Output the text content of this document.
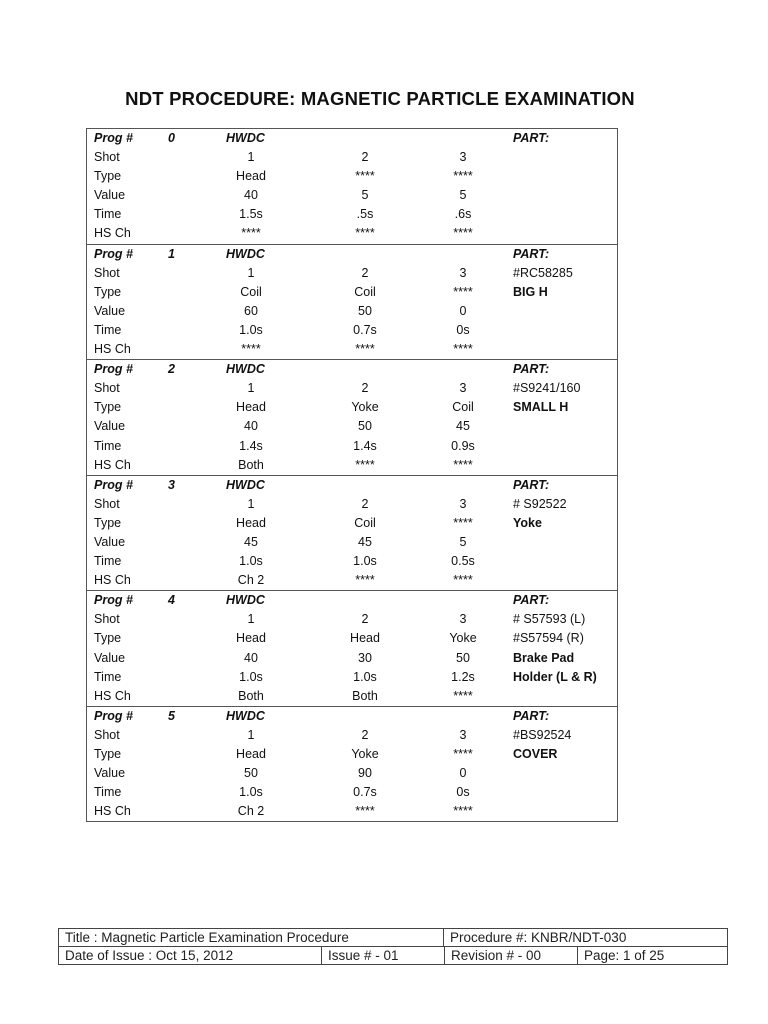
NDT PROCEDURE: MAGNETIC PARTICLE EXAMINATION
Prog #	0	HWDC	PART:
Shot	1	2	3
Type	Head	****	****
Value	40	5	5
Time	1.5s	.5s	.6s
HS Ch	****	****	****
Prog #	1	HWDC	PART:
Shot	1	2	3	#RC58285
Type	Coil	Coil	****	BIG H
Value	60	50	0
Time	1.0s	0.7s	0s
HS Ch	****	****	****
Prog #	2	HWDC	PART:
Shot	1	2	3	#S9241/160
Type	Head	Yoke	Coil	SMALL H
Value	40	50	45
Time	1.4s	1.4s	0.9s
HS Ch	Both	****	****
Prog #	3	HWDC	PART:
Shot	1	2	3	# S92522
Type	Head	Coil	****	Yoke
Value	45	45	5
Time	1.0s	1.0s	0.5s
HS Ch	Ch 2	****	****
Prog #	4	HWDC	PART:
Shot	1	2	3	# S57593 (L)
Type	Head	Head	Yoke	#S57594 (R)
Value	40	30	50	Brake Pad
Time	1.0s	1.0s	1.2s	Holder (L & R)
HS Ch	Both	Both	****
Prog #	5	HWDC	PART:
Shot	1	2	3	#BS92524
Type	Head	Yoke	****	COVER
Value	50	90	0
Time	1.0s	0.7s	0s
HS Ch	Ch 2	****	****
Title : Magnetic Particle Examination Procedure	Procedure #: KNBR/NDT-030
Date of Issue : Oct 15, 2012	Issue # - 01	Revision # - 00	Page: 1 of 25
